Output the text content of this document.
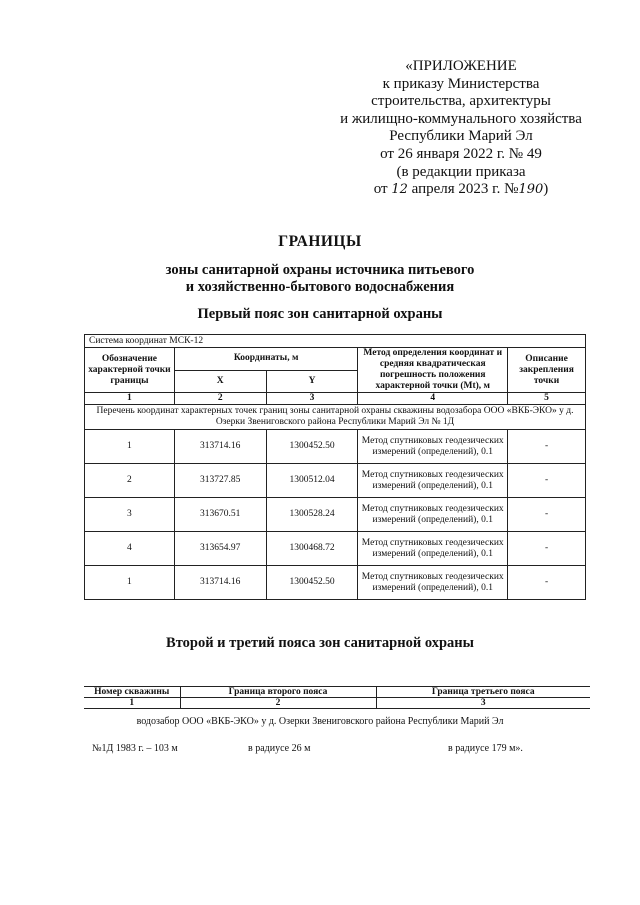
«ПРИЛОЖЕНИЕ
к приказу Министерства
строительства, архитектуры
и жилищно-коммунального хозяйства
Республики Марий Эл
от 26 января 2022 г. № 49
(в редакции приказа
от 12 апреля 2023 г. №190)
ГРАНИЦЫ
зоны санитарной охраны источника питьевого
и хозяйственно-бытового водоснабжения
Первый пояс зон санитарной охраны
Система координат МСК-12				
Обозначение характерной точки границы	Координаты, м		Метод определения координат и средняя квадратическая погрешность положения характерной точки (Mt), м	Описание закрепления точки
	X	Y		
1	2	3	4	5
Перечень координат характерных точек границ зоны санитарной охраны скважины водозабора ООО «ВКБ-ЭКО» у д. Озерки Звениговского района Республики Марий Эл № 1Д				
1	313714.16	1300452.50	Метод спутниковых геодезических измерений (определений), 0.1	-
2	313727.85	1300512.04	Метод спутниковых геодезических измерений (определений), 0.1	-
3	313670.51	1300528.24	Метод спутниковых геодезических измерений (определений), 0.1	-
4	313654.97	1300468.72	Метод спутниковых геодезических измерений (определений), 0.1	-
1	313714.16	1300452.50	Метод спутниковых геодезических измерений (определений), 0.1	-
Второй и третий пояса зон санитарной охраны
Номер скважины	Граница второго пояса	Граница третьего пояса
1	2	3
водозабор ООО «ВКБ-ЭКО» у д. Озерки Звениговского района Республики Марий Эл
№1Д 1983 г. – 103 м	в радиусе 26 м	в радиусе 179 м».
